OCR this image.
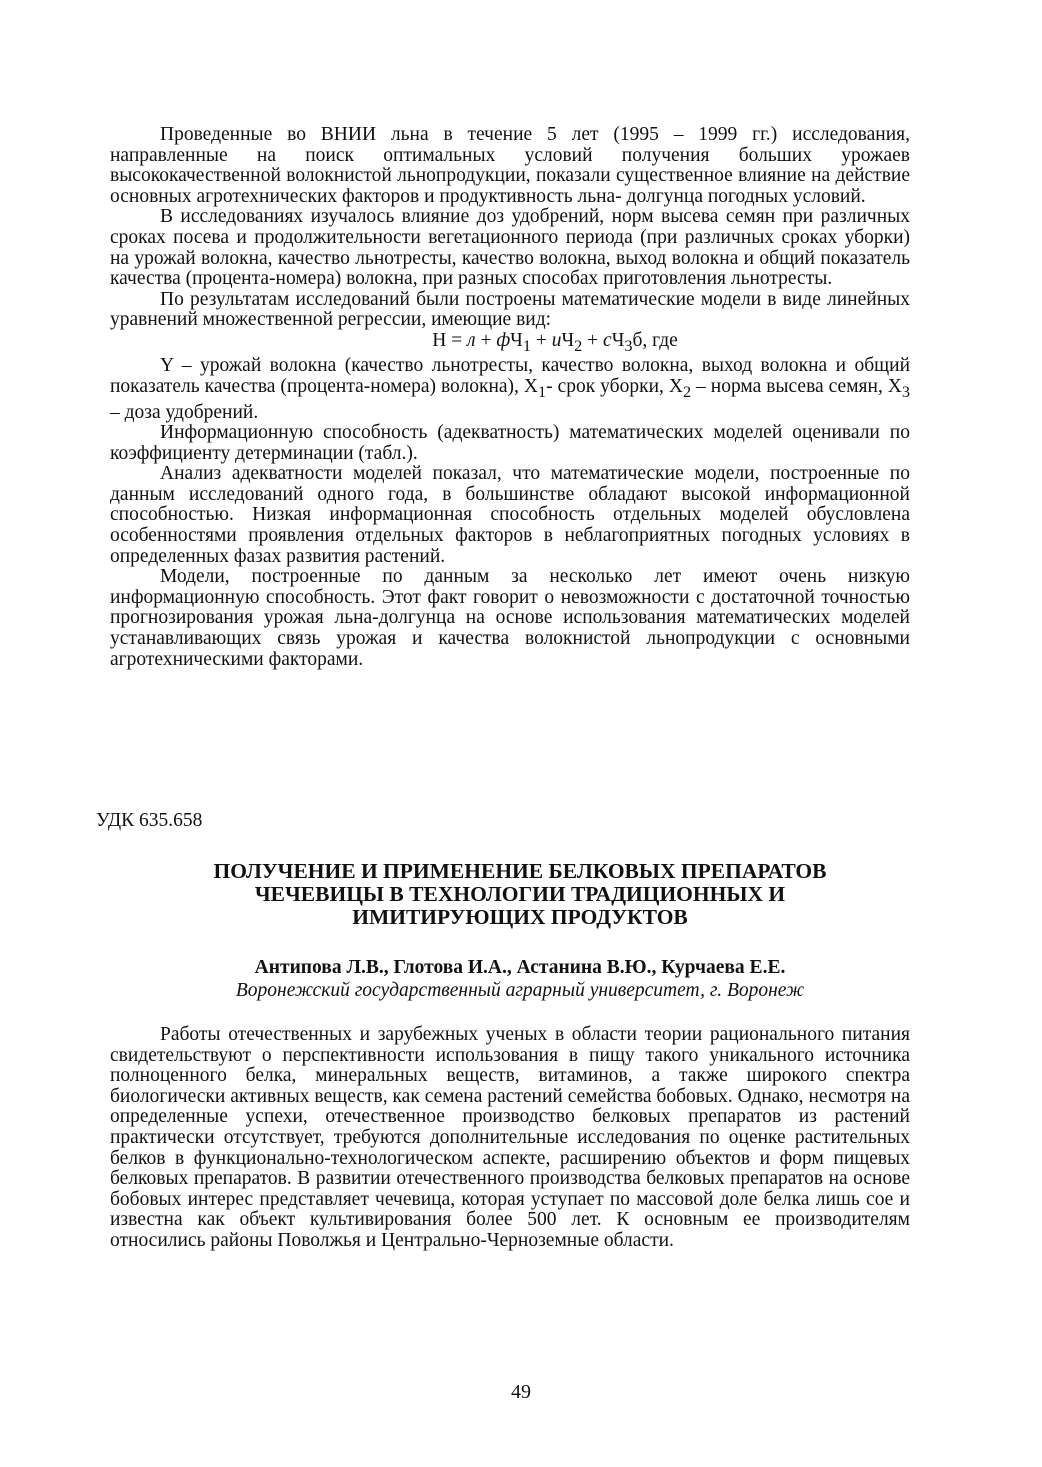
Проведенные во ВНИИ льна в течение 5 лет (1995 – 1999 гг.) исследования, направленные на поиск оптимальных условий получения больших урожаев высококачественной волокнистой льнопродукции, показали существенное влияние на действие основных агротехнических факторов и продуктивность льна- долгунца погодных условий.

В исследованиях изучалось влияние доз удобрений, норм высева семян при различных сроках посева и продолжительности вегетационного периода (при различных сроках уборки) на урожай волокна, качество льнотресты, качество волокна, выход волокна и общий показатель качества (процента-номера) волокна, при разных способах приготовления льнотресты.

По результатам исследований были построены математические модели в виде линейных уравнений множественной регрессии, имеющие вид:

$Н = л + фЧ_1 + иЧ_2 + сЧ_3б$, где

Y – урожай волокна (качество льнотресты, качество волокна, выход волокна и общий показатель качества (процента-номера) волокна), $X_1-$ срок уборки, $X_2$ – норма высева семян, $X_3$ – доза удобрений.

Информационную способность (адекватность) математических моделей оценивали по коэффициенту детерминации (табл.).

Анализ адекватности моделей показал, что математические модели, построенные по данным исследований одного года, в большинстве обладают высокой информационной способностью. Низкая информационная способность отдельных моделей обусловлена особенностями проявления отдельных факторов в неблагоприятных погодных условиях в определенных фазах развития растений.

Модели, построенные по данным за несколько лет имеют очень низкую информационную способность. Этот факт говорит о невозможности с достаточной точностью прогнозирования урожая льна-долгунца на основе использования математических моделей устанавливающих связь урожая и качества волокнистой льнопродукции с основными агротехническими факторами.

УДК 635.658
ПОЛУЧЕНИЕ И ПРИМЕНЕНИЕ БЕЛКОВЫХ ПРЕПАРАТОВ
ЧЕЧЕВИЦЫ В ТЕХНОЛОГИИ ТРАДИЦИОННЫХ И
ИМИТИРУЮЩИХ ПРОДУКТОВ

Антипова Л.В., Глотова И.А., Астанина В.Ю., Курчаева Е.Е.

Воронежский государственный аграрный университет, г. Воронеж

Работы отечественных и зарубежных ученых в области теории рационального питания свидетельствуют о перспективности использования в пищу такого уникального источника полноценного белка, минеральных веществ, витаминов, а также широкого спектра биологически активных веществ, как семена растений семейства бобовых. Однако, несмотря на определенные успехи, отечественное производство белковых препаратов из растений практически отсутствует, требуются дополнительные исследования по оценке растительных белков в функционально-технологическом аспекте, расширению объектов и форм пищевых белковых препаратов. В развитии отечественного производства белковых препаратов на основе бобовых интерес представляет чечевица, которая уступает по массовой доле белка лишь сое и известна как объект культивирования более 500 лет. К основным ее производителям относились районы Поволжья и Центрально-Черноземные области.

49
